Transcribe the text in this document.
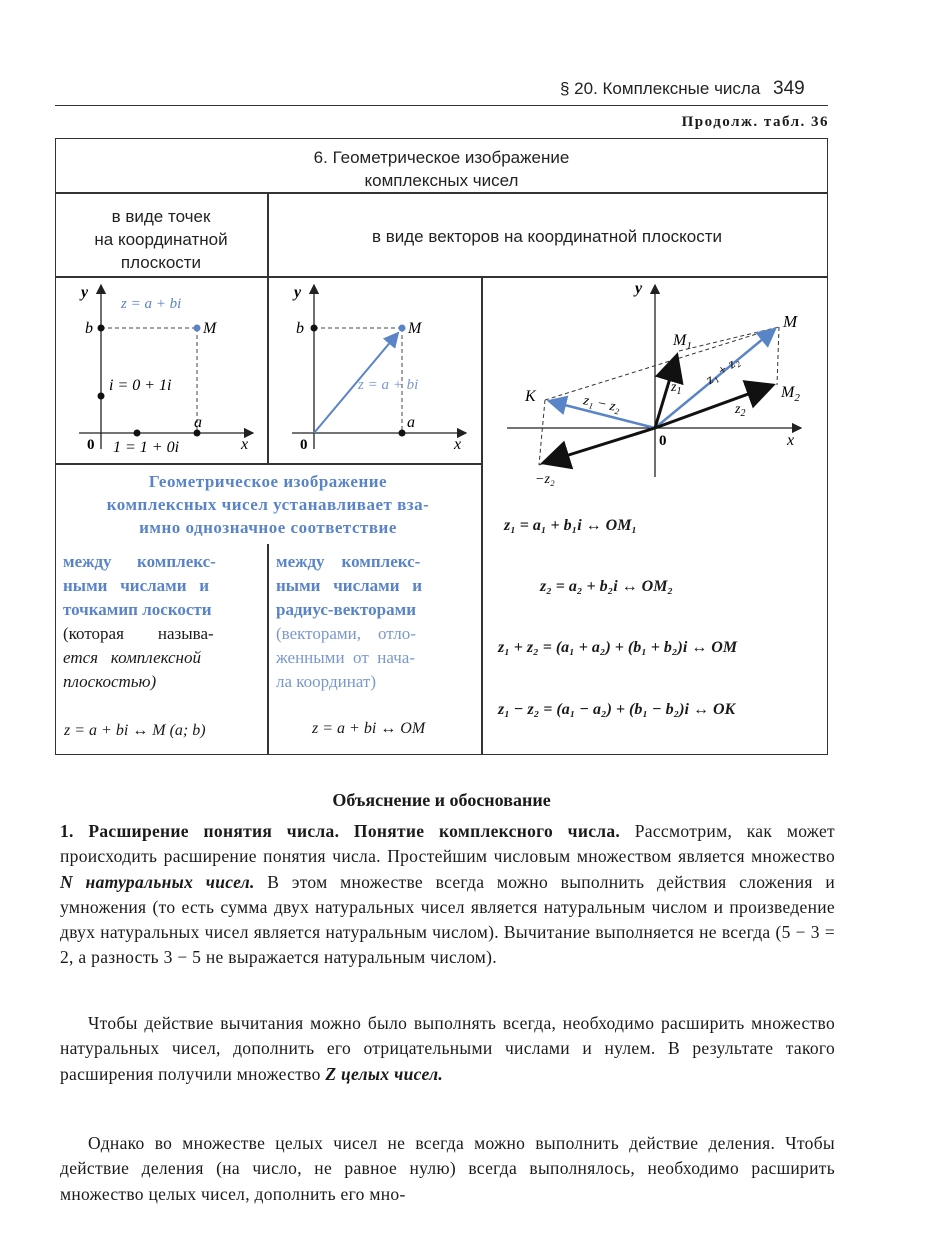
§ 20. Комплексные числа 349
Продолж. табл. 36
6. Геометрическое изображение
комплексных чисел
в виде точек
на координатной
плоскости
в виде векторов на координатной плоскости
y
x
0
z = a + bi
b	M
i = 0 + 1i
a
1 = 1 + 0i
y
x
0
b	M
z = a + bi
a
y
x
0
M
$M_1$
$M_2$
K
$z_1$
$z_2$
z₁ + z₂
z₁ − z₂
−z₂
Геометрическое изображение
комплексных чисел устанавливает вза-
имно однозначное соответствие
между      комплекс-
ными   числами   и
точкамип лоскости
(которая        называ-
ется   комплексной
плоскостью)
между    комплекс-
ными   числами   и
радиус-векторами
(векторами,    отло-
женными  от  нача-
ла координат)
z = a + bi ↔ M (a; b)	z = a + bi ↔ OM
z₁ = a₁ + b₁i ↔ OM₁
z₂ = a₂ + b₂i ↔ OM₂
z₁ + z₂ = (a₁ + a₂) + (b₁ + b₂)i ↔ OM
z₁ − z₂ = (a₁ − a₂) + (b₁ − b₂)i ↔ OK
Объяснение и обоснование
1. Расширение понятия числа. Понятие комплексного числа. Рассмотрим, как может происходить расширение понятия числа. Простейшим числовым множеством является множество N натуральных чисел. В этом множестве всегда можно выполнить действия сложения и умножения (то есть сумма двух натуральных чисел является натуральным числом и произведение двух натуральных чисел является натуральным числом). Вычитание выполняется не всегда (5 − 3 = 2, а разность 3 − 5 не выражается натуральным числом).
Чтобы действие вычитания можно было выполнять всегда, необходимо расширить множество натуральных чисел, дополнить его отрицательными числами и нулем. В результате такого расширения получили множество Z целых чисел.
Однако во множестве целых чисел не всегда можно выполнить действие деления. Чтобы действие деления (на число, не равное нулю) всегда выполнялось, необходимо расширить множество целых чисел, дополнить его мно-
